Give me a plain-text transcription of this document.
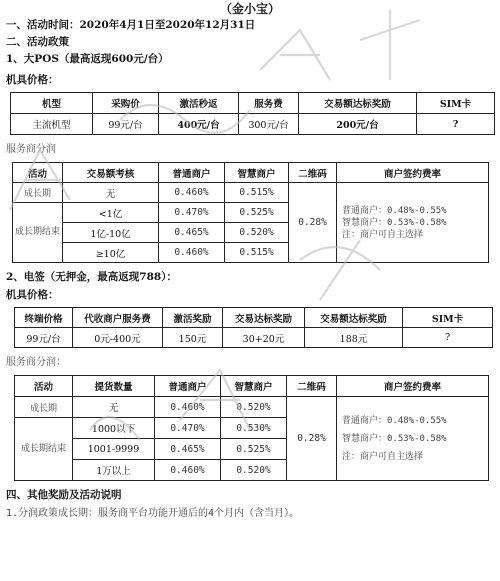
（金小宝）
一、活动时间：2020年4月1日至2020年12月31日
二、活动政策
1、大POS（最高返现600元/台）
机具价格：
机型	采购价	激活秒返	服务费	交易额达标奖励	SIM卡
主流机型	99元/台	400元/台	300元/台	200元/台	?
服务商分润
活动	交易额考核	普通商户	智慧商户	二维码	商户签约费率
成长期	无	0.460%	0.515%	0.28%	普通商户：0.48%-0.55%
智慧商户：0.53%-0.58%
注：商户可自主选择

成长期结束	<1亿	0.470%	0.525%		
	1亿-10亿	0.465%	0.520%		
	≥10亿	0.460%	0.515%		
2、电签（无押金，最高返现788）：
机具价格：
终端价格	代收商户服务费	激活奖励	交易达标奖励	交易额达标奖励	SIM卡
99元/台	0元-400元	150元	30+20元	188元	?
服务商分润：
活动	提货数量	普通商户	智慧商户	二维码	商户签约费率
成长期	无	0.460%	0.520%	0.28%	普通商户：0.48%-0.55%
智慧商户：0.53%-0.58%
注：商户可自主选择

成长期结束	1000以下	0.470%	0.530%		
	1001-9999	0.465%	0.525%		
	1万以上	0.460%	0.520%		
四、其他奖励及活动说明
1.分润政策成长期：服务商平台功能开通后的4个月内（含当月）。
